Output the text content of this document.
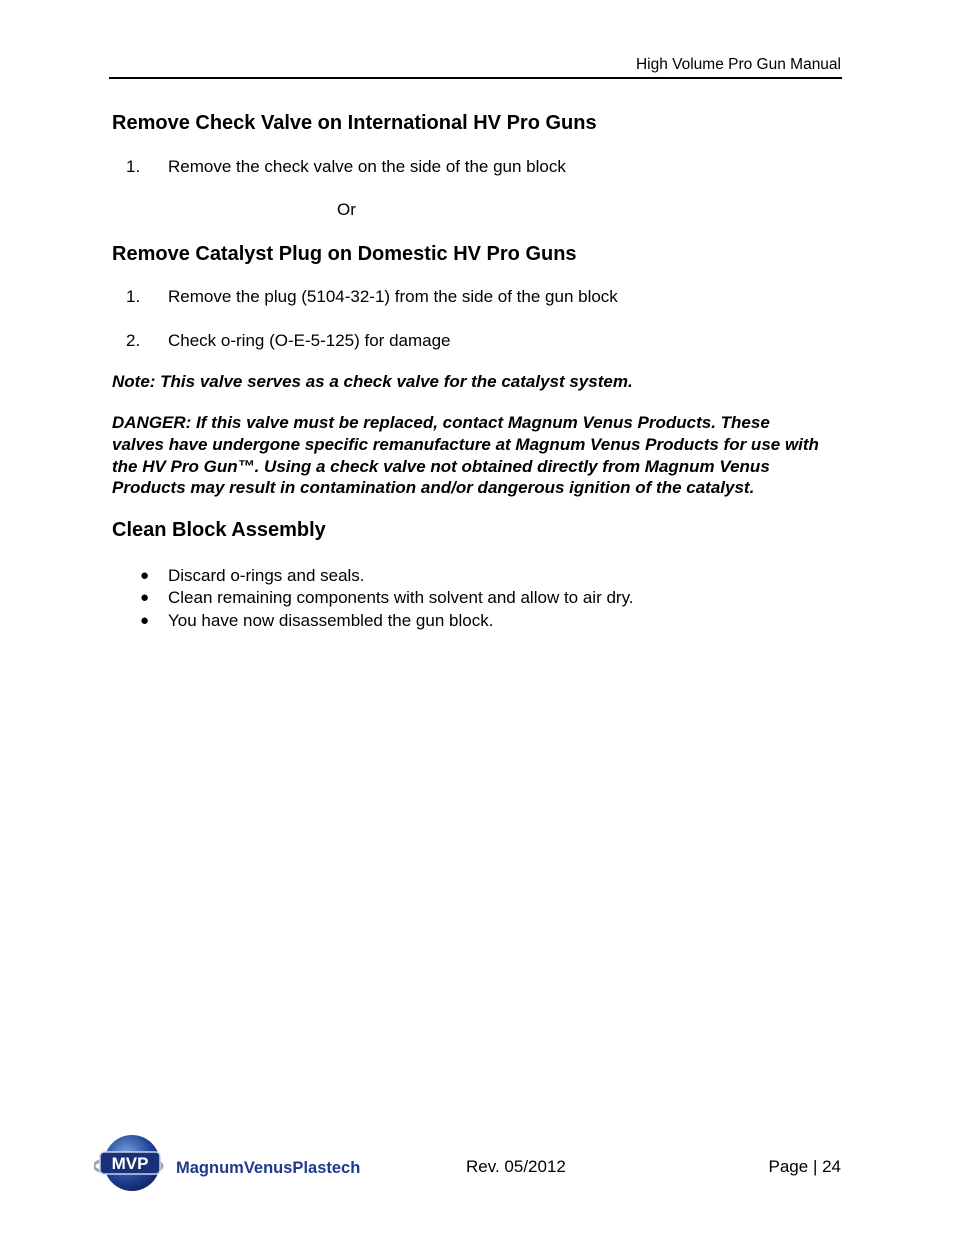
High Volume Pro Gun Manual
Remove Check Valve on International HV Pro Guns
1. Remove the check valve on the side of the gun block
Or
Remove Catalyst Plug on Domestic HV Pro Guns
1. Remove the plug (5104-32-1) from the side of the gun block
2. Check o-ring (O-E-5-125) for damage
Note: This valve serves as a check valve for the catalyst system.
DANGER: If this valve must be replaced, contact Magnum Venus Products. These
valves have undergone specific remanufacture at Magnum Venus Products for use with
the HV Pro Gun™. Using a check valve not obtained directly from Magnum Venus
Products may result in contamination and/or dangerous ignition of the catalyst.
Clean Block Assembly
● Discard o-rings and seals.
● Clean remaining components with solvent and allow to air dry.
● You have now disassembled the gun block.
MVP MagnumVenusPlastech	Rev. 05/2012	Page | 24
